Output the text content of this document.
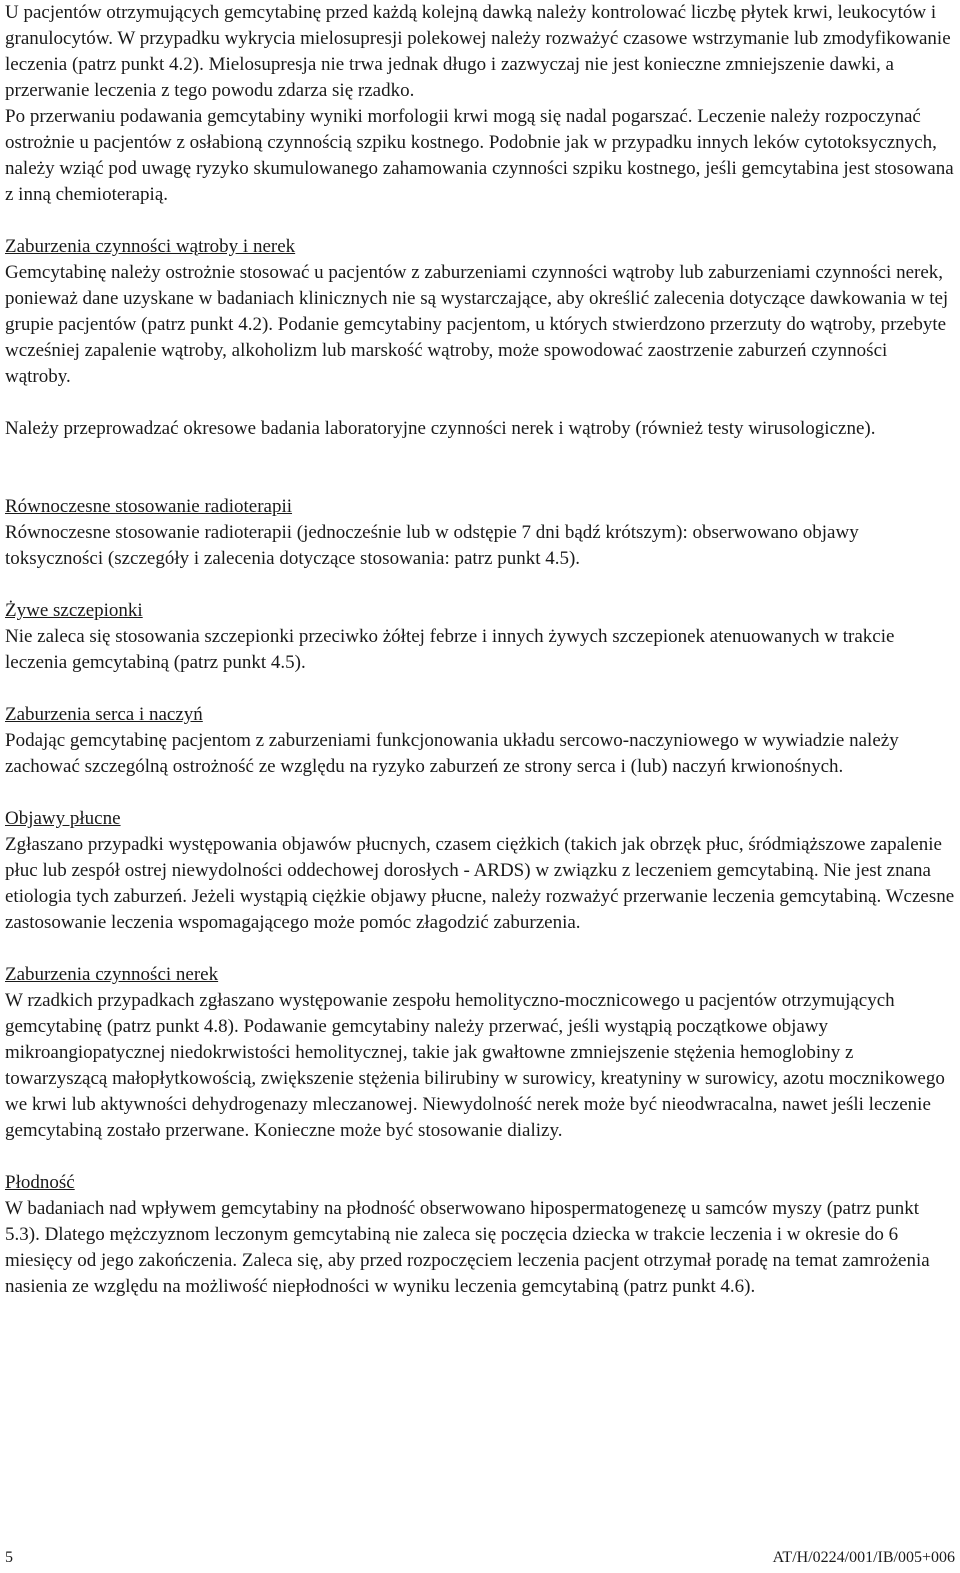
U pacjentów otrzymujących gemcytabinę przed każdą kolejną dawką należy kontrolować liczbę płytek krwi, leukocytów i granulocytów. W przypadku wykrycia mielosupresji polekowej należy rozważyć czasowe wstrzymanie lub zmodyfikowanie leczenia (patrz punkt 4.2). Mielosupresja nie trwa jednak długo i zazwyczaj nie jest konieczne zmniejszenie dawki, a przerwanie leczenia z tego powodu zdarza się rzadko.

Po przerwaniu podawania gemcytabiny wyniki morfologii krwi mogą się nadal pogarszać. Leczenie należy rozpoczynać ostrożnie u pacjentów z osłabioną czynnością szpiku kostnego. Podobnie jak w przypadku innych leków cytotoksycznych, należy wziąć pod uwagę ryzyko skumulowanego zahamowania czynności szpiku kostnego, jeśli gemcytabina jest stosowana z inną chemioterapią.

Zaburzenia czynności wątroby i nerek

Gemcytabinę należy ostrożnie stosować u pacjentów z zaburzeniami czynności wątroby lub zaburzeniami czynności nerek, ponieważ dane uzyskane w badaniach klinicznych nie są wystarczające, aby określić zalecenia dotyczące dawkowania w tej grupie pacjentów (patrz punkt 4.2). Podanie gemcytabiny pacjentom, u których stwierdzono przerzuty do wątroby, przebyte wcześniej zapalenie wątroby, alkoholizm lub marskość wątroby, może spowodować zaostrzenie zaburzeń czynności wątroby.

Należy przeprowadzać okresowe badania laboratoryjne czynności nerek i wątroby (również testy wirusologiczne).

Równoczesne stosowanie radioterapii

Równoczesne stosowanie radioterapii (jednocześnie lub w odstępie 7 dni bądź krótszym): obserwowano objawy toksyczności (szczegóły i zalecenia dotyczące stosowania: patrz punkt 4.5).

Żywe szczepionki

Nie zaleca się stosowania szczepionki przeciwko żółtej febrze i innych żywych szczepionek atenuowanych w trakcie leczenia gemcytabiną (patrz punkt 4.5).

Zaburzenia serca i naczyń

Podając gemcytabinę pacjentom z zaburzeniami funkcjonowania układu sercowo-naczyniowego w wywiadzie należy zachować szczególną ostrożność ze względu na ryzyko zaburzeń ze strony serca i (lub) naczyń krwionośnych.

Objawy płucne

Zgłaszano przypadki występowania objawów płucnych, czasem ciężkich (takich jak obrzęk płuc, śródmiąższowe zapalenie płuc lub zespół ostrej niewydolności oddechowej dorosłych - ARDS) w związku z leczeniem gemcytabiną. Nie jest znana etiologia tych zaburzeń. Jeżeli wystąpią ciężkie objawy płucne, należy rozważyć przerwanie leczenia gemcytabiną. Wczesne zastosowanie leczenia wspomagającego może pomóc złagodzić zaburzenia.

Zaburzenia czynności nerek

W rzadkich przypadkach zgłaszano występowanie zespołu hemolityczno-mocznicowego u pacjentów otrzymujących gemcytabinę (patrz punkt 4.8). Podawanie gemcytabiny należy przerwać, jeśli wystąpią początkowe objawy mikroangiopatycznej niedokrwistości hemolitycznej, takie jak gwałtowne zmniejszenie stężenia hemoglobiny z towarzyszącą małopłytkowością, zwiększenie stężenia bilirubiny w surowicy, kreatyniny w surowicy, azotu mocznikowego we krwi lub aktywności dehydrogenazy mleczanowej. Niewydolność nerek może być nieodwracalna, nawet jeśli leczenie gemcytabiną zostało przerwane. Konieczne może być stosowanie dializy.

Płodność

W badaniach nad wpływem gemcytabiny na płodność obserwowano hipospermatogenezę u samców myszy (patrz punkt 5.3). Dlatego mężczyznom leczonym gemcytabiną nie zaleca się poczęcia dziecka w trakcie leczenia i w okresie do 6 miesięcy od jego zakończenia. Zaleca się, aby przed rozpoczęciem leczenia pacjent otrzymał poradę na temat zamrożenia nasienia ze względu na możliwość niepłodności w wyniku leczenia gemcytabiną (patrz punkt 4.6).

5	AT/H/0224/001/IB/005+006
